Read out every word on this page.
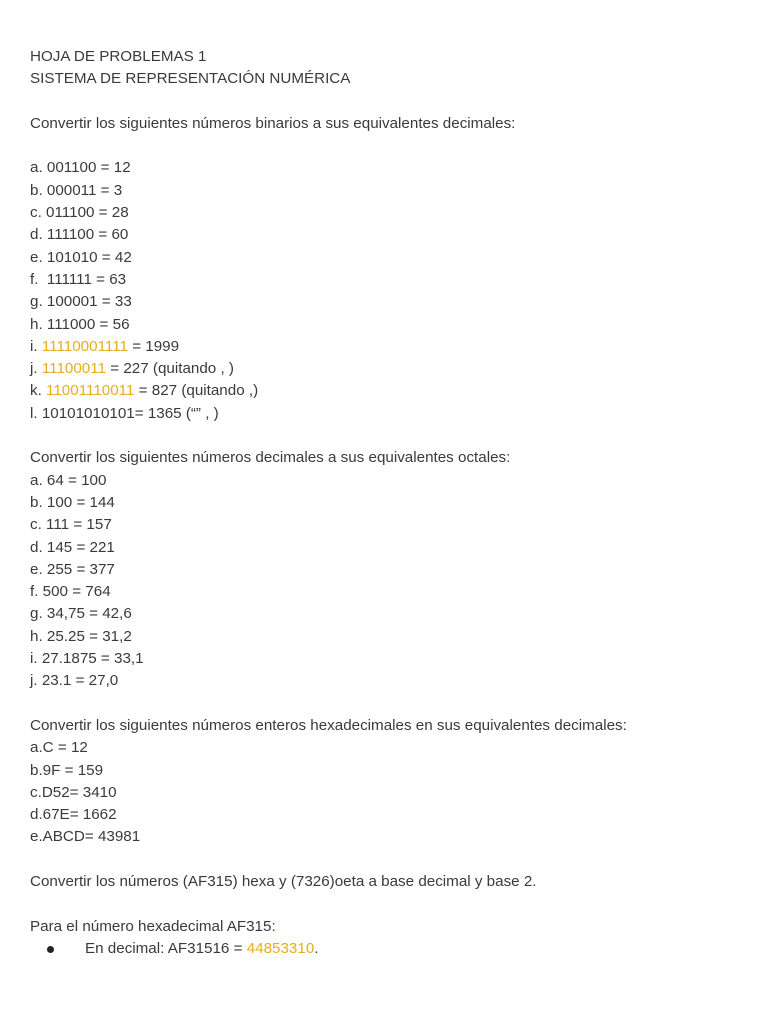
HOJA DE PROBLEMAS 1
SISTEMA DE REPRESENTACIÓN NUMÉRICA
Convertir los siguientes números binarios a sus equivalentes decimales:
a. 001100 = 12
b. 000011 = 3
c. 011100 = 28
d. 111100 = 60
e. 101010 = 42
f.  111111 = 63
g. 100001 = 33
h. 111000 = 56
i. 11110001111 = 1999
j. 11100011 = 227 (quitando , )
k. 11001110011 = 827 (quitando ,)
l. 10101010101= 1365 (“” , )
Convertir los siguientes números decimales a sus equivalentes octales:
a. 64 = 100
b. 100 = 144
c. 111 = 157
d. 145 = 221
e. 255 = 377
f. 500 = 764
g. 34,75 = 42,6
h. 25.25 = 31,2
i. 27.1875 = 33,1
j. 23.1 = 27,0
Convertir los siguientes números enteros hexadecimales en sus equivalentes decimales:
a.C = 12
b.9F = 159
c.D52= 3410
d.67E= 1662
e.ABCD= 43981
Convertir los números (AF315) hexa y (7326)oeta a base decimal y base 2.
Para el número hexadecimal AF315:

En decimal: AF31516 = 44853310.
